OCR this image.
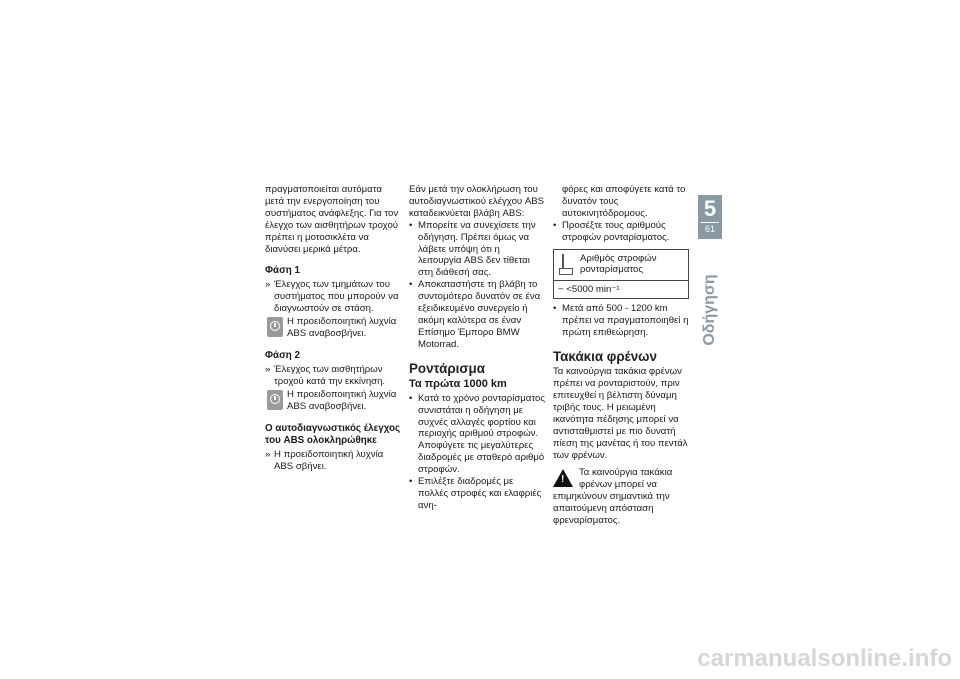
πραγματοποιείται αυτόματα μετά την ενεργοποίηση του συστήματος ανάφλεξης. Για τον έλεγχο των αισθητήρων τροχού πρέπει η μοτοσικλέτα να διανύσει μερικά μέτρα.

Φάση 1
» Έλεγχος των τμημάτων του συστήματος που μπορούν να διαγνωστούν σε στάση.
Η προειδοποιητική λυχνία ABS αναβοσβήνει.
Φάση 2
» Έλεγχος των αισθητήρων τροχού κατά την εκκίνηση.
Η προειδοποιητική λυχνία ABS αναβοσβήνει.
Ο αυτοδιαγνωστικός έλεγχος του ABS ολοκληρώθηκε
» Η προειδοποιητική λυχνία ABS σβήνει.

Εάν μετά την ολοκλήρωση του αυτοδιαγνωστικού ελέγχου ABS καταδεικνύεται βλάβη ABS:

• Μπορείτε να συνεχίσετε την οδήγηση. Πρέπει όμως να λάβετε υπόψη ότι η λειτουργία ABS δεν τίθεται στη διάθεσή σας.
• Αποκαταστήστε τη βλάβη το συντομότερο δυνατόν σε ένα εξειδικευμένο συνεργείο ή ακόμη καλύτερα σε έναν Επίσημο Έμπορο BMW Motorrad.
Ροντάρισμα
Τα πρώτα 1000 km
• Κατά το χρόνο ρονταρίσματος συνιστάται η οδήγηση με συχνές αλλαγές φορτίου και περιοχής αριθμού στροφών. Αποφύγετε τις μεγαλύτερες διαδρομές με σταθερό αριθμό στροφών.
• Επιλέξτε διαδρομές με πολλές στροφές και ελαφριές ανη-

φόρες και αποφύγετε κατά το δυνατόν τους αυτοκινητόδρομους.

• Προσέξτε τους αριθμούς στροφών ρονταρίσματος.
Αριθμός στροφών ρονταρίσματος
− <5000 min⁻¹
• Μετά από 500 - 1200 km πρέπει να πραγματοποιηθεί η πρώτη επιθεώρηση.
Τακάκια φρένων

Τα καινούργια τακάκια φρένων πρέπει να ρονταριστούν, πριν επιτευχθεί η βέλτιστη δύναμη τριβής τους. Η μειωμένη ικανότητα πέδησης μπορεί να αντισταθμιστεί με πιο δυνατή πίεση της μανέτας ή του πεντάλ των φρένων.

!
Τα καινούργια τακάκια φρένων μπορεί να επιμηκύνουν σημαντικά την απαιτούμενη απόσταση φρεναρίσματος.
5
61
Οδήγηση
carmanualsonline.info
